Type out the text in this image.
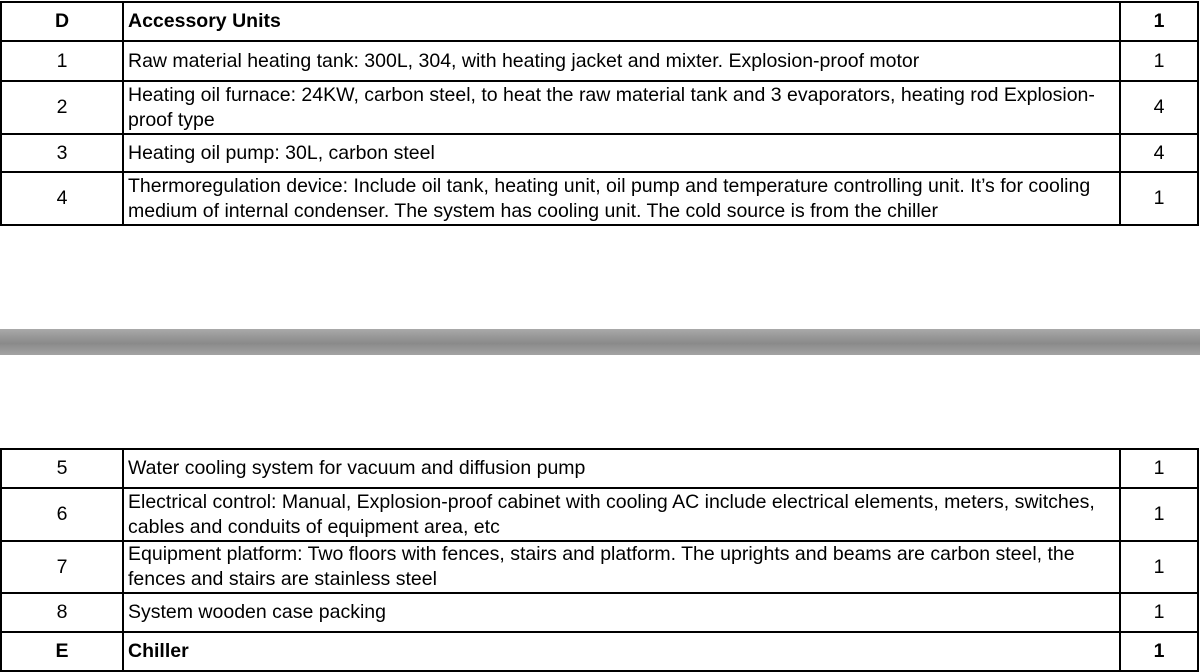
D	Accessory Units	1
1	Raw material heating tank: 300L, 304, with heating jacket and mixter. Explosion-proof motor	1
2	Heating oil furnace: 24KW, carbon steel, to heat the raw material tank and 3 evaporators, heating rod Explosion-proof type	4
3	Heating oil pump: 30L, carbon steel	4
4	Thermoregulation device: Include oil tank, heating unit, oil pump and temperature controlling unit. It’s for cooling medium of internal condenser. The system has cooling unit. The cold source is from the chiller	1
5	Water cooling system for vacuum and diffusion pump	1
6	Electrical control: Manual, Explosion-proof cabinet with cooling AC include electrical elements, meters, switches, cables and conduits of equipment area, etc	1
7	Equipment platform: Two floors with fences, stairs and platform. The uprights and beams are carbon steel, the fences and stairs are stainless steel	1
8	System wooden case packing	1
E	Chiller	1
